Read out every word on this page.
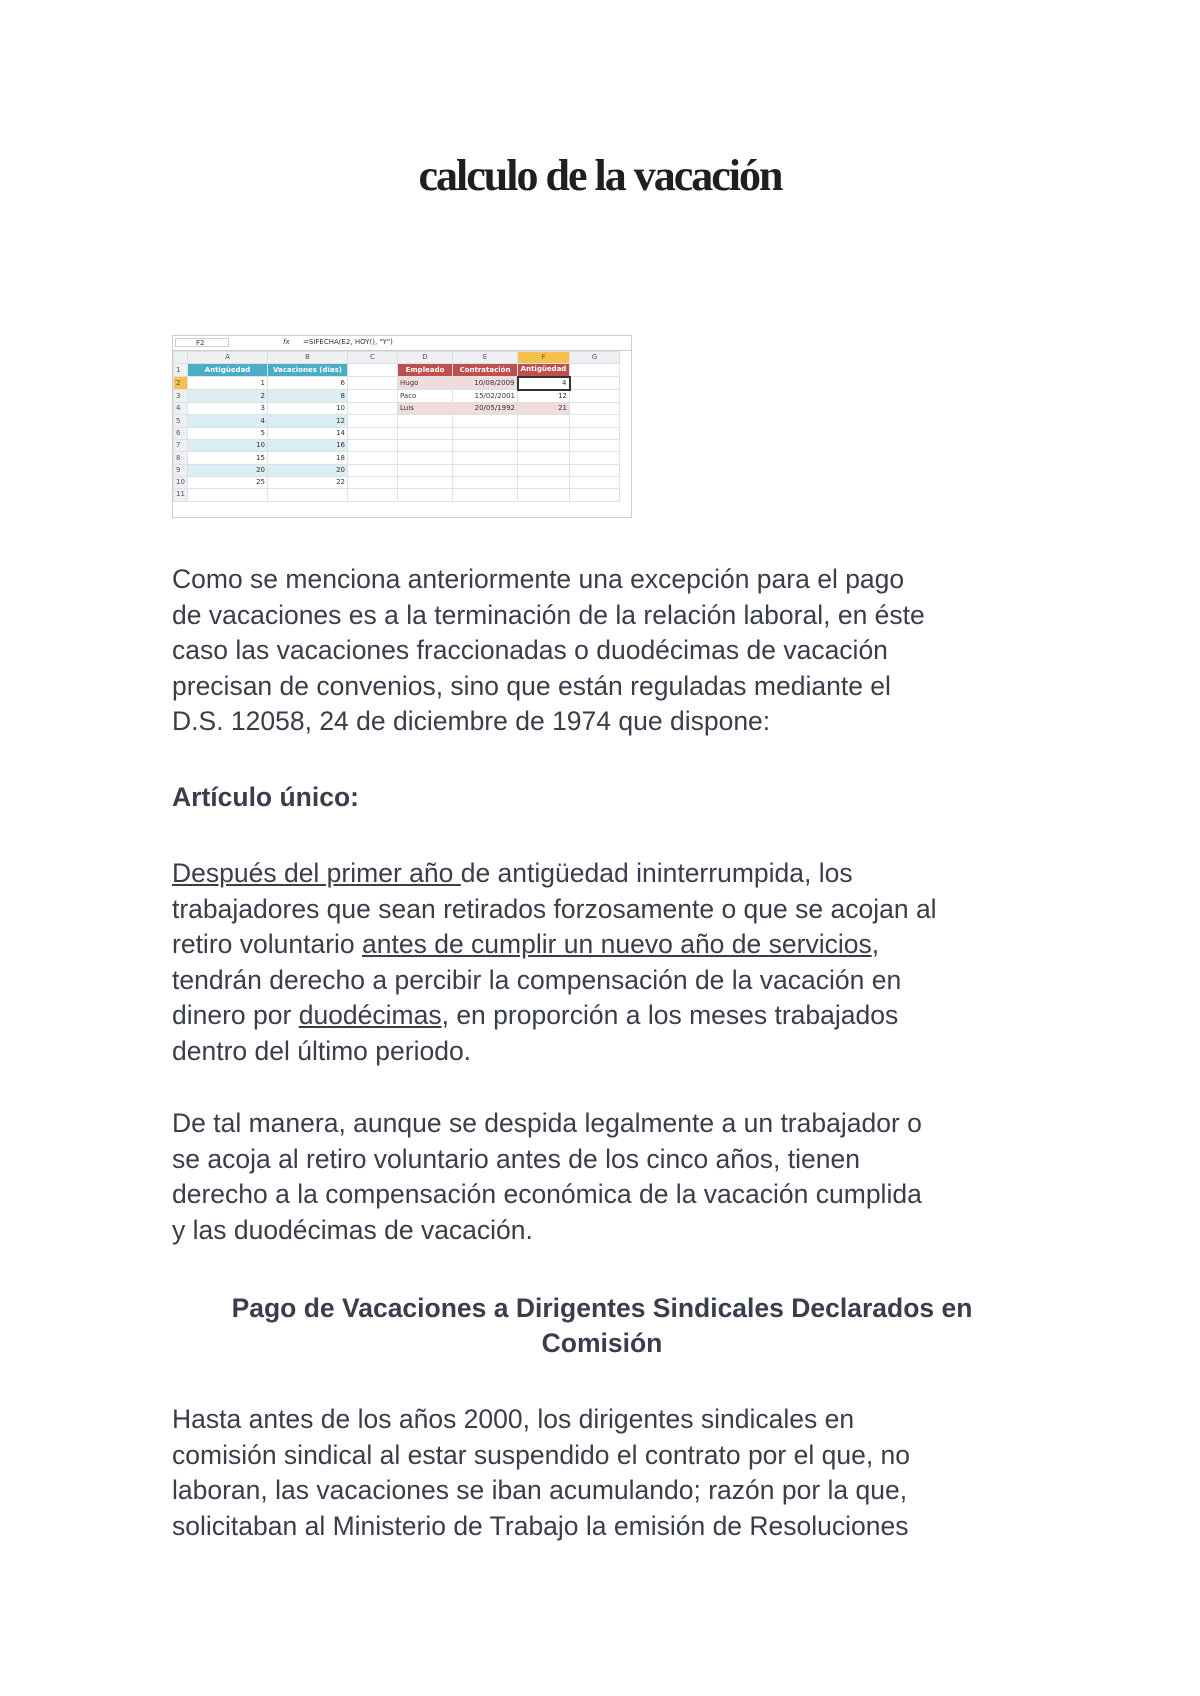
calculo de la vacación
F2	fx =SIFECHA(E2, HOY(), "Y")
	A	B	C	D	E	F	G
1	Antigüedad	Vacaciones (días)		Empleado	Contratación	Antigüedad	
2	1	6		Hugo	10/08/2009	4	
3	2	8		Paco	15/02/2001	12	
4	3	10		Luis	20/05/1992	21	
5	4	12					
6	5	14					
7	10	16					
8	15	18					
9	20	20					
10	25	22					
11							

Como se menciona anteriormente una excepción para el pago
de vacaciones es a la terminación de la relación laboral, en éste
caso las vacaciones fraccionadas o duodécimas de vacación
precisan de convenios, sino que están reguladas mediante el
D.S. 12058, 24 de diciembre de 1974 que dispone:

Artículo único:

Después del primer año de antigüedad ininterrumpida, los
trabajadores que sean retirados forzosamente o que se acojan al
retiro voluntario antes de cumplir un nuevo año de servicios,
tendrán derecho a percibir la compensación de la vacación en
dinero por duodécimas, en proporción a los meses trabajados
dentro del último periodo.

De tal manera, aunque se despida legalmente a un trabajador o
se acoja al retiro voluntario antes de los cinco años, tienen
derecho a la compensación económica de la vacación cumplida
y las duodécimas de vacación.

Pago de Vacaciones a Dirigentes Sindicales Declarados en
Comisión

Hasta antes de los años 2000, los dirigentes sindicales en
comisión sindical al estar suspendido el contrato por el que, no
laboran, las vacaciones se iban acumulando; razón por la que,
solicitaban al Ministerio de Trabajo la emisión de Resoluciones
